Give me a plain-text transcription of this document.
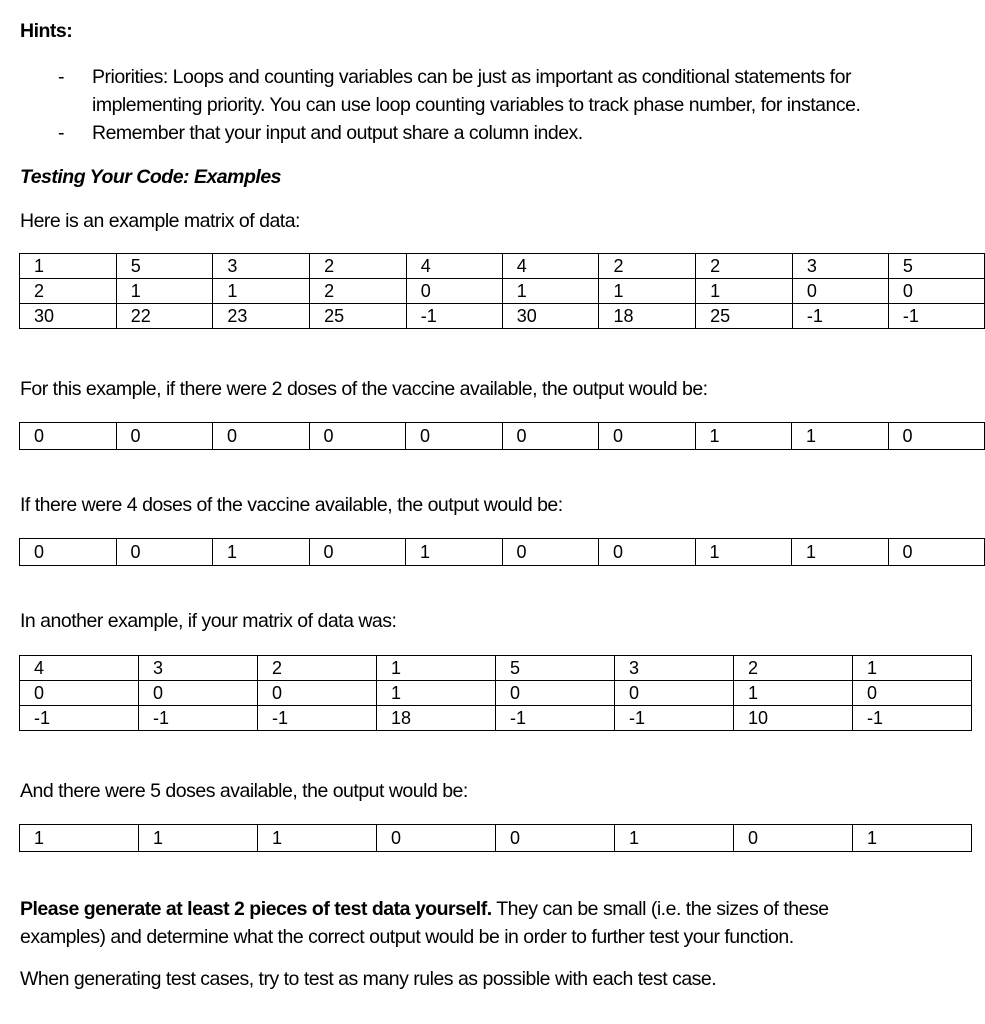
Hints:
- Priorities: Loops and counting variables can be just as important as conditional statements for
implementing priority. You can use loop counting variables to track phase number, for instance.
- Remember that your input and output share a column index.
Testing Your Code: Examples
Here is an example matrix of data:
1	5	3	2	4	4	2	2	3	5
2	1	1	2	0	1	1	1	0	0
30	22	23	25	-1	30	18	25	-1	-1
For this example, if there were 2 doses of the vaccine available, the output would be:
0	0	0	0	0	0	0	1	1	0
If there were 4 doses of the vaccine available, the output would be:
0	0	1	0	1	0	0	1	1	0
In another example, if your matrix of data was:
4	3	2	1	5	3	2	1
0	0	0	1	0	0	1	0
-1	-1	-1	18	-1	-1	10	-1
And there were 5 doses available, the output would be:
1	1	1	0	0	1	0	1
Please generate at least 2 pieces of test data yourself. They can be small (i.e. the sizes of these
examples) and determine what the correct output would be in order to further test your function.
When generating test cases, try to test as many rules as possible with each test case.
